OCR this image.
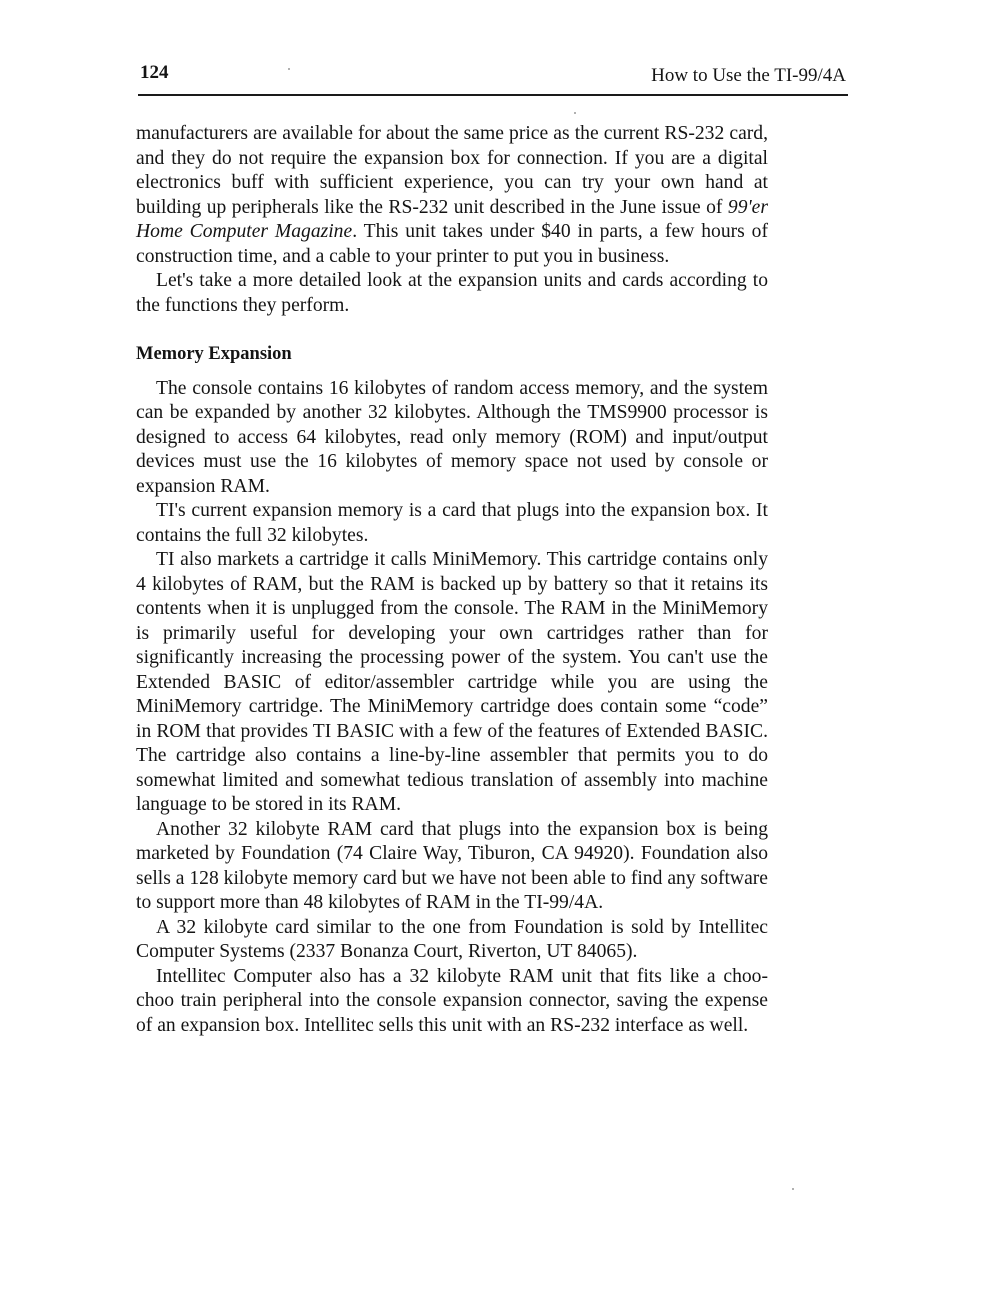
124	How to Use the TI-99/4A

manufacturers are available for about the same price as the current RS-232 card, and they do not require the expansion box for connection. If you are a digital electronics buff with sufficient experience, you can try your own hand at building up peripherals like the RS-232 unit described in the June issue of 99'er Home Computer Magazine. This unit takes under $40 in parts, a few hours of construction time, and a cable to your printer to put you in business.

Let's take a more detailed look at the expansion units and cards according to the functions they perform.

Memory Expansion

The console contains 16 kilobytes of random access memory, and the system can be expanded by another 32 kilobytes. Although the TMS9900 processor is designed to access 64 kilobytes, read only memory (ROM) and input/output devices must use the 16 kilobytes of memory space not used by console or expansion RAM.

TI's current expansion memory is a card that plugs into the expansion box. It contains the full 32 kilobytes.

TI also markets a cartridge it calls MiniMemory. This cartridge contains only 4 kilobytes of RAM, but the RAM is backed up by battery so that it retains its contents when it is unplugged from the console. The RAM in the MiniMemory is primarily useful for developing your own cartridges rather than for significantly increasing the processing power of the system. You can't use the Extended BASIC of editor/assembler cartridge while you are using the MiniMemory cartridge. The MiniMemory cartridge does contain some “code” in ROM that provides TI BASIC with a few of the features of Extended BASIC. The cartridge also contains a line-by-line assembler that permits you to do somewhat limited and somewhat tedious translation of assembly into machine language to be stored in its RAM.

Another 32 kilobyte RAM card that plugs into the expansion box is being marketed by Foundation (74 Claire Way, Tiburon, CA 94920). Foundation also sells a 128 kilobyte memory card but we have not been able to find any software to support more than 48 kilobytes of RAM in the TI-99/4A.

A 32 kilobyte card similar to the one from Foundation is sold by Intellitec Computer Systems (2337 Bonanza Court, Riverton, UT 84065).

Intellitec Computer also has a 32 kilobyte RAM unit that fits like a choo-choo train peripheral into the console expansion connector, saving the expense of an expansion box. Intellitec sells this unit with an RS-232 interface as well.
